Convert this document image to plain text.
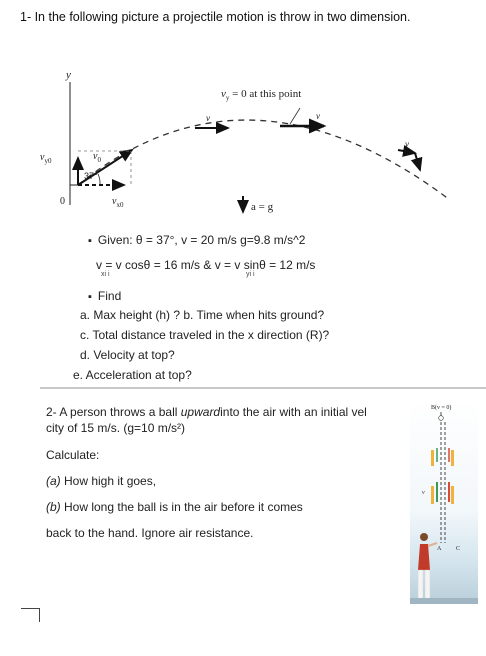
1- In the following picture a projectile motion is throw in two dimension.
y
0
37°
$v_y = 0$ at this point
v	v
v
$v_0$
$v_{y0}$
$v_{x0}$	a = g
▪ Given: θ = 37°, v = 20 m/s g=9.8 m/s^2
v = v cosθ = 16 m/s & v = v sinθ = 12 m/s
xi i	yi i
▪ Find
a. Max height (h) ? b. Time when hits ground?
c. Total distance traveled in the x direction (R)?
d. Velocity at top?
e. Acceleration at top?
2- A person throws a ball upwardinto the air with an initial vel
city of 15 m/s. (g=10 m/s²)
Calculate:
(a) How high it goes,
(b) How long the ball is in the air before it comes
back to the hand. Ignore air resistance.
B(v = 0)
v
A C
